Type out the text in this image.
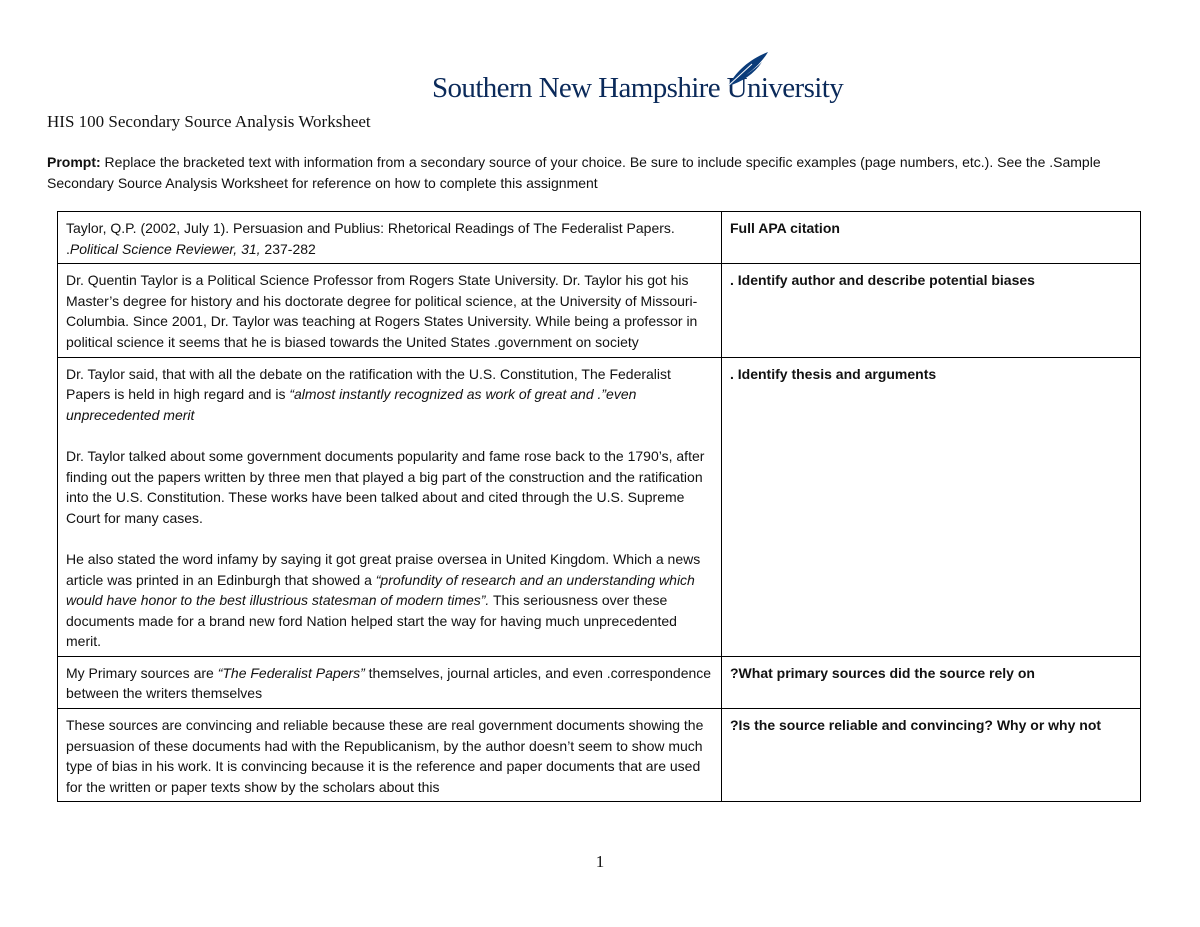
Southern New Hampshire University
HIS 100 Secondary Source Analysis Worksheet
Prompt: Replace the bracketed text with information from a secondary source of your choice. Be sure to include specific examples (page numbers, etc.). See the .Sample Secondary Source Analysis Worksheet for reference on how to complete this assignment
Taylor, Q.P. (2002, July 1). Persuasion and Publius: Rhetorical Readings of The Federalist Papers. .Political Science Reviewer, 31, 237-282	Full APA citation
Dr. Quentin Taylor is a Political Science Professor from Rogers State University. Dr. Taylor his got his Master’s degree for history and his doctorate degree for political science, at the University of Missouri-Columbia. Since 2001, Dr. Taylor was teaching at Rogers States University. While being a professor in political science it seems that he is biased towards the United States .government on society	. Identify author and describe potential biases

Dr. Taylor said, that with all the debate on the ratification with the U.S. Constitution, The Federalist Papers is held in high regard and is “almost instantly recognized as work of great and .”even unprecedented merit

Dr. Taylor talked about some government documents popularity and fame rose back to the 1790’s, after finding out the papers written by three men that played a big part of the construction and the ratification into the U.S. Constitution. These works have been talked about and cited through the U.S. Supreme Court for many cases.

He also stated the word infamy by saying it got great praise oversea in United Kingdom. Which a news article was printed in an Edinburgh that showed a “profundity of research and an understanding which would have honor to the best illustrious statesman of modern times”. This seriousness over these documents made for a brand new ford Nation helped start the way for having much unprecedented merit.	. Identify thesis and arguments
My Primary sources are “The Federalist Papers” themselves, journal articles, and even .correspondence between the writers themselves	?What primary sources did the source rely on
These sources are convincing and reliable because these are real government documents showing the persuasion of these documents had with the Republicanism, by the author doesn’t seem to show much type of bias in his work. It is convincing because it is the reference and paper documents that are used for the written or paper texts show by the scholars about this	?Is the source reliable and convincing? Why or why not
1
